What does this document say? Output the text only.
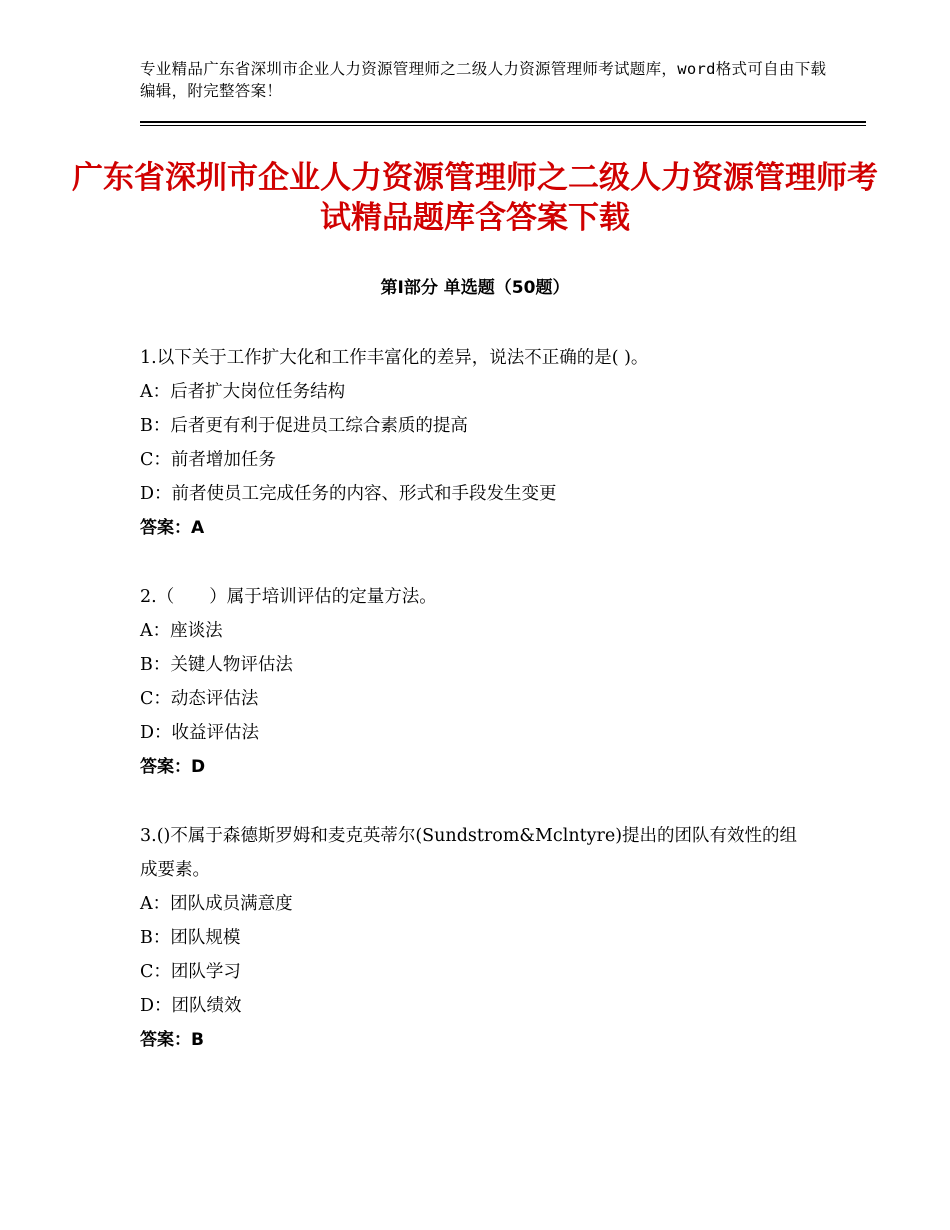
专业精品广东省深圳市企业人力资源管理师之二级人力资源管理师考试题库，word格式可自由下载编辑，附完整答案！
广东省深圳市企业人力资源管理师之二级人力资源管理师考试精品题库含答案下载
第Ⅰ部分 单选题（50题）
1.以下关于工作扩大化和工作丰富化的差异，说法不正确的是( )。
A：后者扩大岗位任务结构
B：后者更有利于促进员工综合素质的提高
C：前者增加任务
D：前者使员工完成任务的内容、形式和手段发生变更
答案：A
2.（　　）属于培训评估的定量方法。
A：座谈法
B：关键人物评估法
C：动态评估法
D：收益评估法
答案：D
3.()不属于森德斯罗姆和麦克英蒂尔(Sundstrom&Mclntyre)提出的团队有效性的组成要素。
A：团队成员满意度
B：团队规模
C：团队学习
D：团队绩效
答案：B
